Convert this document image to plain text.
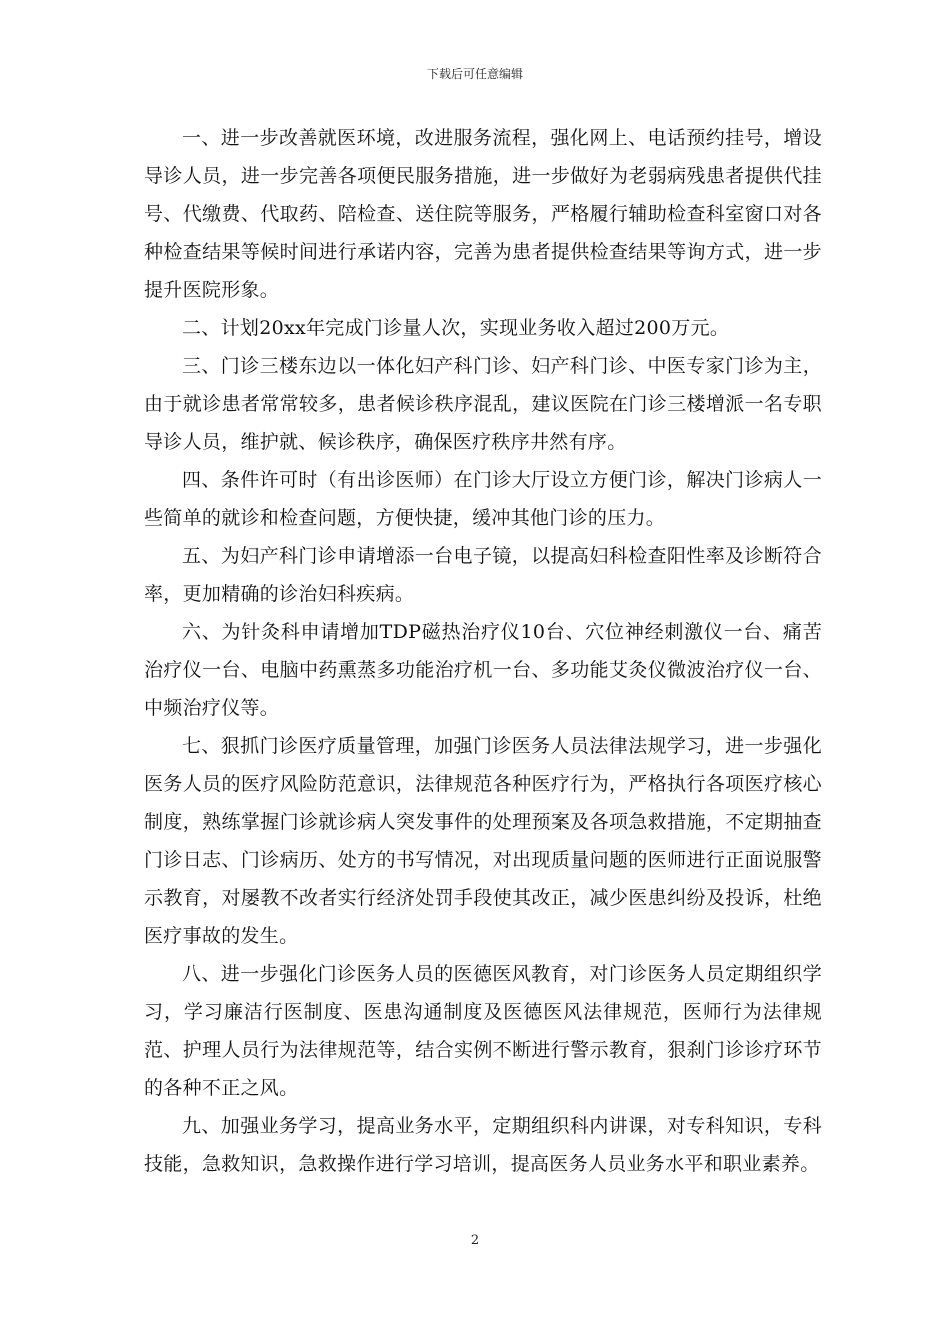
下载后可任意编辑

一、进一步改善就医环境，改进服务流程，强化网上、电话预约挂号，增设导诊人员，进一步完善各项便民服务措施，进一步做好为老弱病残患者提供代挂号、代缴费、代取药、陪检查、送住院等服务，严格履行辅助检查科室窗口对各种检查结果等候时间进行承诺内容，完善为患者提供检查结果等询方式，进一步提升医院形象。

二、计划20xx年完成门诊量人次，实现业务收入超过200万元。

三、门诊三楼东边以一体化妇产科门诊、妇产科门诊、中医专家门诊为主，由于就诊患者常常较多，患者候诊秩序混乱，建议医院在门诊三楼增派一名专职导诊人员，维护就、候诊秩序，确保医疗秩序井然有序。

四、条件许可时（有出诊医师）在门诊大厅设立方便门诊，解决门诊病人一些简单的就诊和检查问题，方便快捷，缓冲其他门诊的压力。

五、为妇产科门诊申请增添一台电子镜，以提高妇科检查阳性率及诊断符合率，更加精确的诊治妇科疾病。

六、为针灸科申请增加TDP磁热治疗仪10台、穴位神经刺激仪一台、痛苦治疗仪一台、电脑中药熏蒸多功能治疗机一台、多功能艾灸仪微波治疗仪一台、中频治疗仪等。

七、狠抓门诊医疗质量管理，加强门诊医务人员法律法规学习，进一步强化医务人员的医疗风险防范意识，法律规范各种医疗行为，严格执行各项医疗核心制度，熟练掌握门诊就诊病人突发事件的处理预案及各项急救措施，不定期抽查门诊日志、门诊病历、处方的书写情况，对出现质量问题的医师进行正面说服警示教育，对屡教不改者实行经济处罚手段使其改正，减少医患纠纷及投诉，杜绝医疗事故的发生。

八、进一步强化门诊医务人员的医德医风教育，对门诊医务人员定期组织学习，学习廉洁行医制度、医患沟通制度及医德医风法律规范，医师行为法律规范、护理人员行为法律规范等，结合实例不断进行警示教育，狠刹门诊诊疗环节的各种不正之风。

九、加强业务学习，提高业务水平，定期组织科内讲课，对专科知识，专科技能，急救知识，急救操作进行学习培训，提高医务人员业务水平和职业素养。

2
